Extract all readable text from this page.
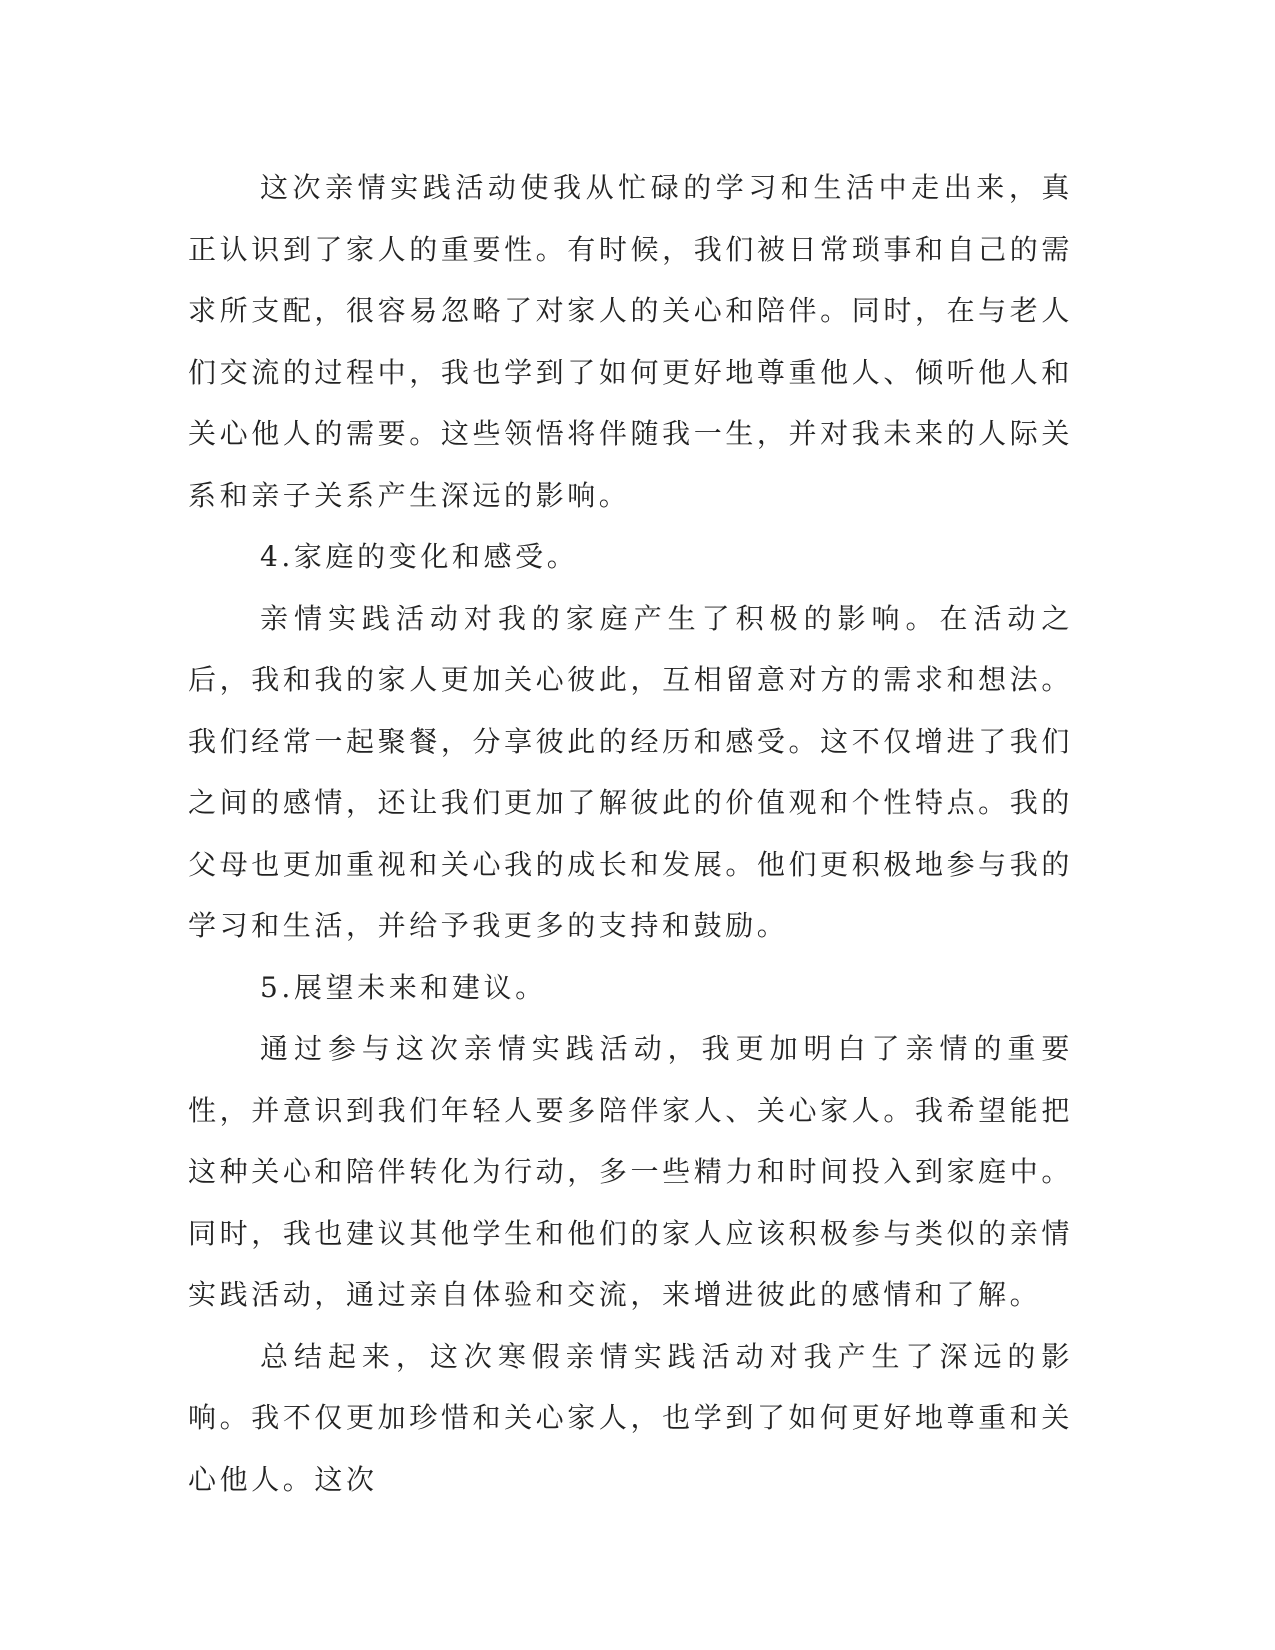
这次亲情实践活动使我从忙碌的学习和生活中走出来，真正认识到了家人的重要性。有时候，我们被日常琐事和自己的需求所支配，很容易忽略了对家人的关心和陪伴。同时，在与老人们交流的过程中，我也学到了如何更好地尊重他人、倾听他人和关心他人的需要。这些领悟将伴随我一生，并对我未来的人际关系和亲子关系产生深远的影响。

4.家庭的变化和感受。

亲情实践活动对我的家庭产生了积极的影响。在活动之后，我和我的家人更加关心彼此，互相留意对方的需求和想法。我们经常一起聚餐，分享彼此的经历和感受。这不仅增进了我们之间的感情，还让我们更加了解彼此的价值观和个性特点。我的父母也更加重视和关心我的成长和发展。他们更积极地参与我的学习和生活，并给予我更多的支持和鼓励。

5.展望未来和建议。

通过参与这次亲情实践活动，我更加明白了亲情的重要性，并意识到我们年轻人要多陪伴家人、关心家人。我希望能把这种关心和陪伴转化为行动，多一些精力和时间投入到家庭中。同时，我也建议其他学生和他们的家人应该积极参与类似的亲情实践活动，通过亲自体验和交流，来增进彼此的感情和了解。

总结起来，这次寒假亲情实践活动对我产生了深远的影响。我不仅更加珍惜和关心家人，也学到了如何更好地尊重和关心他人。这次
